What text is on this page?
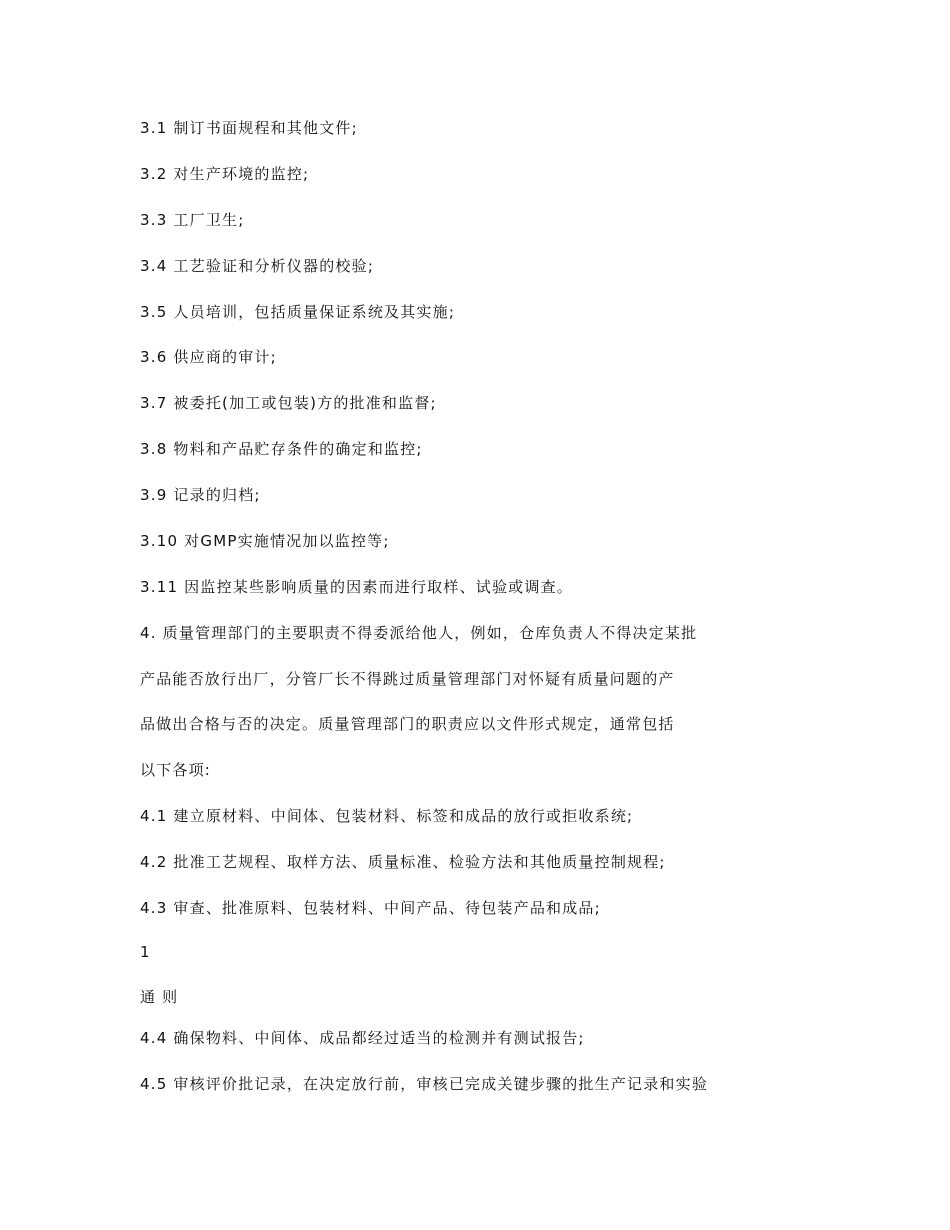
3.1 制订书面规程和其他文件;
3.2 对生产环境的监控;
3.3 工厂卫生;
3.4 工艺验证和分析仪器的校验;
3.5 人员培训，包括质量保证系统及其实施;
3.6 供应商的审计;
3.7 被委托(加工或包装)方的批准和监督;
3.8 物料和产品贮存条件的确定和监控;
3.9 记录的归档;
3.10 对GMP实施情况加以监控等;
3.11 因监控某些影响质量的因素而进行取样、试验或调查。
4. 质量管理部门的主要职责不得委派给他人，例如，仓库负责人不得决定某批
产品能否放行出厂，分管厂长不得跳过质量管理部门对怀疑有质量问题的产
品做出合格与否的决定。质量管理部门的职责应以文件形式规定，通常包括
以下各项:
4.1 建立原材料、中间体、包装材料、标签和成品的放行或拒收系统;
4.2 批准工艺规程、取样方法、质量标准、检验方法和其他质量控制规程;
4.3 审查、批准原料、包装材料、中间产品、待包装产品和成品;
1
通 则
4.4 确保物料、中间体、成品都经过适当的检测并有测试报告;
4.5 审核评价批记录，在决定放行前，审核已完成关键步骤的批生产记录和实验
